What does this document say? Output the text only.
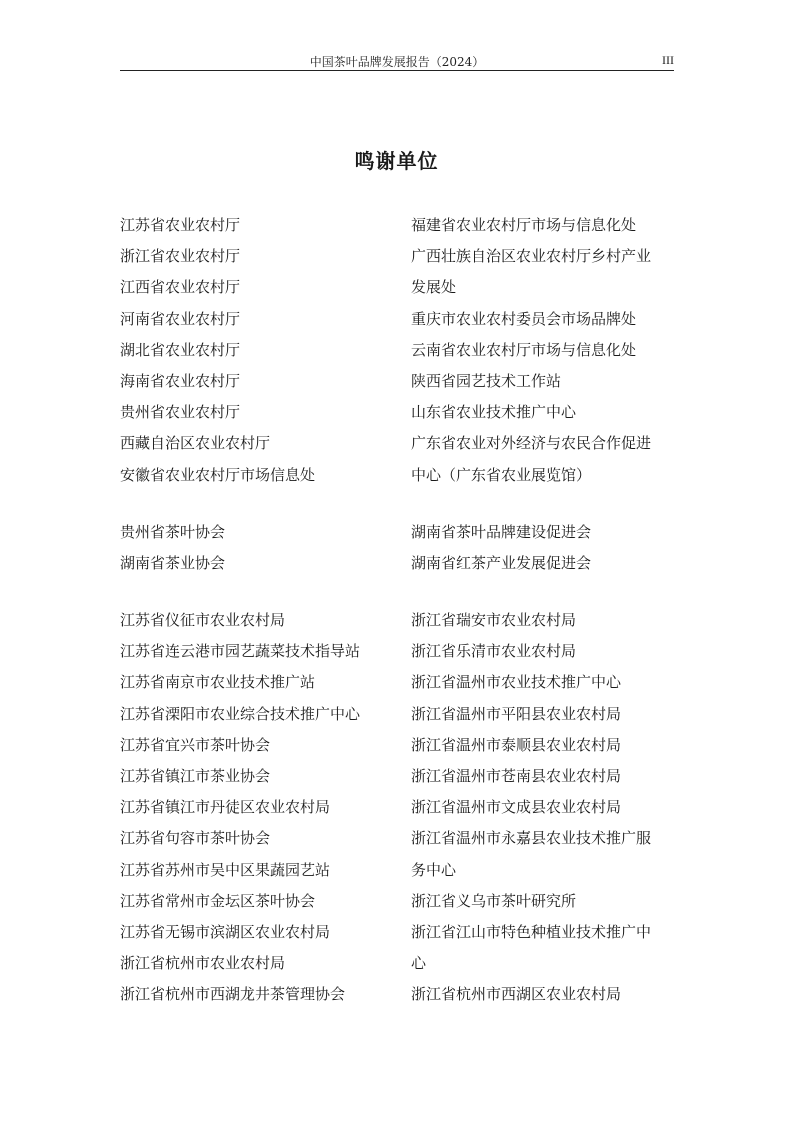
中国茶叶品牌发展报告（2024）	III
鸣谢单位
江苏省农业农村厅
浙江省农业农村厅
江西省农业农村厅
河南省农业农村厅
湖北省农业农村厅
海南省农业农村厅
贵州省农业农村厅
西藏自治区农业农村厅
安徽省农业农村厅市场信息处
福建省农业农村厅市场与信息化处
广西壮族自治区农业农村厅乡村产业
发展处
重庆市农业农村委员会市场品牌处
云南省农业农村厅市场与信息化处
陕西省园艺技术工作站
山东省农业技术推广中心
广东省农业对外经济与农民合作促进
中心（广东省农业展览馆）
贵州省茶叶协会
湖南省茶业协会
湖南省茶叶品牌建设促进会
湖南省红茶产业发展促进会
江苏省仪征市农业农村局
江苏省连云港市园艺蔬菜技术指导站
江苏省南京市农业技术推广站
江苏省溧阳市农业综合技术推广中心
江苏省宜兴市茶叶协会
江苏省镇江市茶业协会
江苏省镇江市丹徒区农业农村局
江苏省句容市茶叶协会
江苏省苏州市吴中区果蔬园艺站
江苏省常州市金坛区茶叶协会
江苏省无锡市滨湖区农业农村局
浙江省杭州市农业农村局
浙江省杭州市西湖龙井茶管理协会
浙江省瑞安市农业农村局
浙江省乐清市农业农村局
浙江省温州市农业技术推广中心
浙江省温州市平阳县农业农村局
浙江省温州市泰顺县农业农村局
浙江省温州市苍南县农业农村局
浙江省温州市文成县农业农村局
浙江省温州市永嘉县农业技术推广服
务中心
浙江省义乌市茶叶研究所
浙江省江山市特色种植业技术推广中
心
浙江省杭州市西湖区农业农村局
